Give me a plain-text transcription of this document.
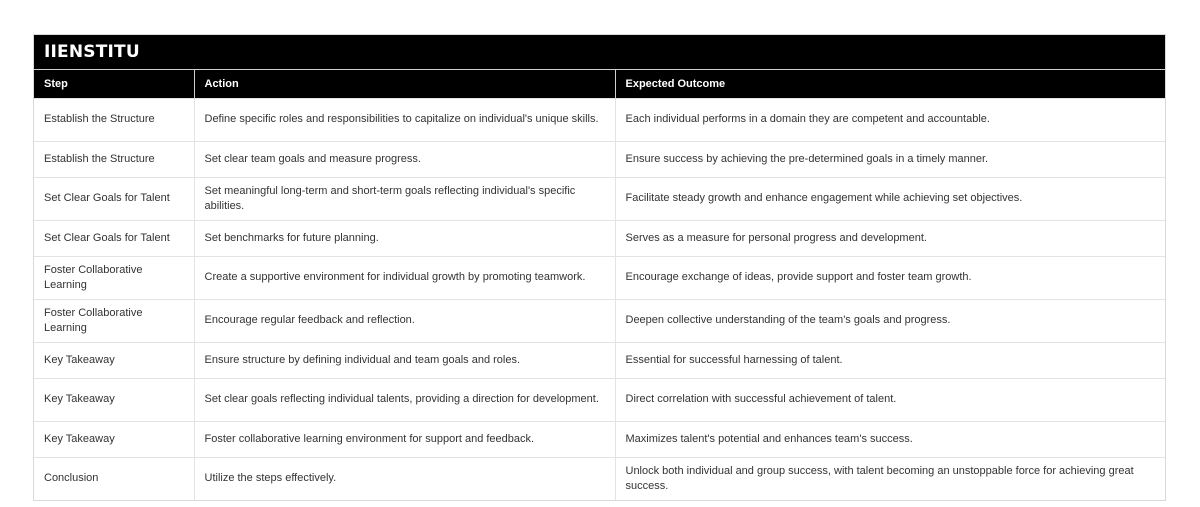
IIENSTITU
Step	Action	Expected Outcome
Establish the Structure	Define specific roles and responsibilities to capitalize on individual's unique skills.	Each individual performs in a domain they are competent and accountable.
Establish the Structure	Set clear team goals and measure progress.	Ensure success by achieving the pre-determined goals in a timely manner.
Set Clear Goals for Talent	Set meaningful long-term and short-term goals reflecting individual's specific abilities.	Facilitate steady growth and enhance engagement while achieving set objectives.
Set Clear Goals for Talent	Set benchmarks for future planning.	Serves as a measure for personal progress and development.
Foster Collaborative Learning	Create a supportive environment for individual growth by promoting teamwork.	Encourage exchange of ideas, provide support and foster team growth.
Foster Collaborative Learning	Encourage regular feedback and reflection.	Deepen collective understanding of the team's goals and progress.
Key Takeaway	Ensure structure by defining individual and team goals and roles.	Essential for successful harnessing of talent.
Key Takeaway	Set clear goals reflecting individual talents, providing a direction for development.	Direct correlation with successful achievement of talent.
Key Takeaway	Foster collaborative learning environment for support and feedback.	Maximizes talent's potential and enhances team's success.
Conclusion	Utilize the steps effectively.	Unlock both individual and group success, with talent becoming an unstoppable force for achieving great success.
